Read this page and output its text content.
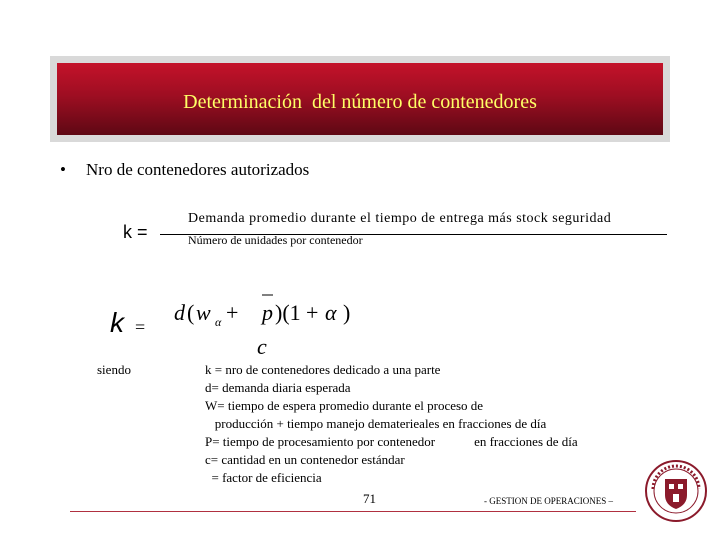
Determinación  del número de contenedores
•	Nro de contenedores autorizados
k =
Demanda promedio durante el tiempo de entrega más stock seguridad
Número de unidades por contenedor
k =
d ( w α + p )(1 + α )
c
siendo	k = nro de contenedores dedicado a una parte
d= demanda diaria esperada
W= tiempo de espera promedio durante el proceso de
producción + tiempo manejo dematerieales en fracciones de día
P= tiempo de procesamiento por contenedor            en fracciones de día
c= cantidad en un contenedor estándar
= factor de eficiencia
71	- GESTION DE OPERACIONES –
